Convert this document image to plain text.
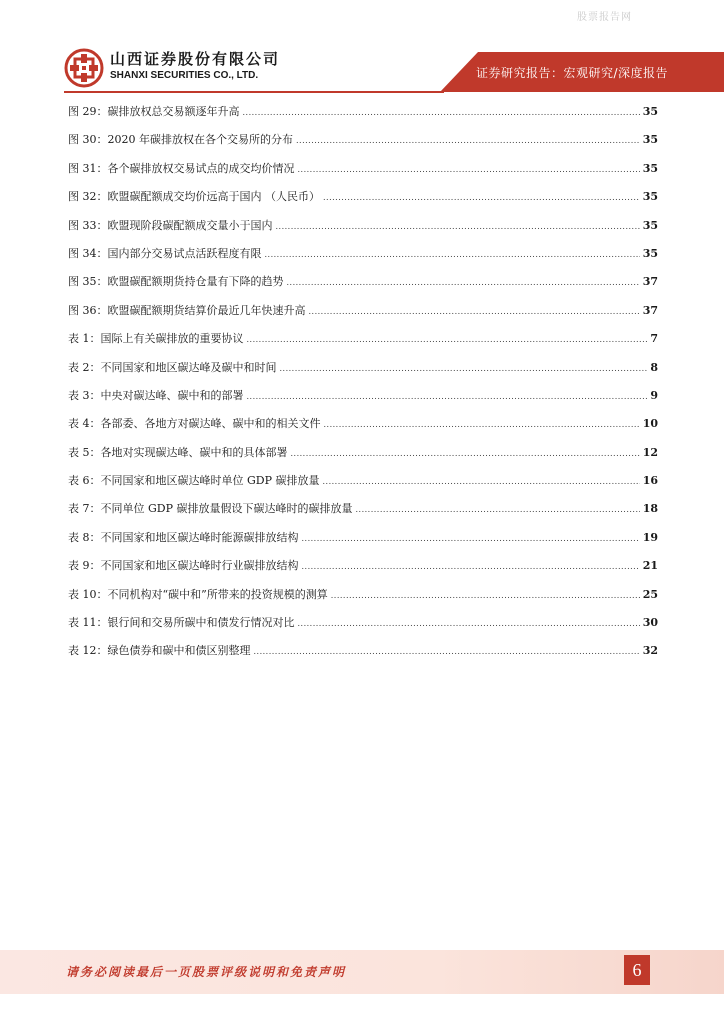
股票报告网
山西证券股份有限公司
SHANXI SECURITIES CO., LTD.	证券研究报告：宏观研究/深度报告
图 29：碳排放权总交易额逐年升高 .....	35
图 30：2020 年碳排放权在各个交易所的分布 .....	35
图 31：各个碳排放权交易试点的成交均价情况 .....	35
图 32：欧盟碳配额成交均价远高于国内 （人民币） .....	35
图 33：欧盟现阶段碳配额成交量小于国内 .....	35
图 34：国内部分交易试点活跃程度有限 .....	35
图 35：欧盟碳配额期货持仓量有下降的趋势 .....	37
图 36：欧盟碳配额期货结算价最近几年快速升高 .....	37
表 1：国际上有关碳排放的重要协议 .....	7
表 2：不同国家和地区碳达峰及碳中和时间 .....	8
表 3：中央对碳达峰、碳中和的部署 .....	9
表 4：各部委、各地方对碳达峰、碳中和的相关文件 .....	10
表 5：各地对实现碳达峰、碳中和的具体部署 .....	12
表 6：不同国家和地区碳达峰时单位 GDP 碳排放量 .....	16
表 7：不同单位 GDP 碳排放量假设下碳达峰时的碳排放量 .....	18
表 8：不同国家和地区碳达峰时能源碳排放结构 .....	19
表 9：不同国家和地区碳达峰时行业碳排放结构 .....	21
表 10：不同机构对“碳中和”所带来的投资规模的测算 .....	25
表 11：银行间和交易所碳中和债发行情况对比 .....	30
表 12：绿色债券和碳中和债区别整理 .....	32
请务必阅读最后一页股票评级说明和免责声明	6
